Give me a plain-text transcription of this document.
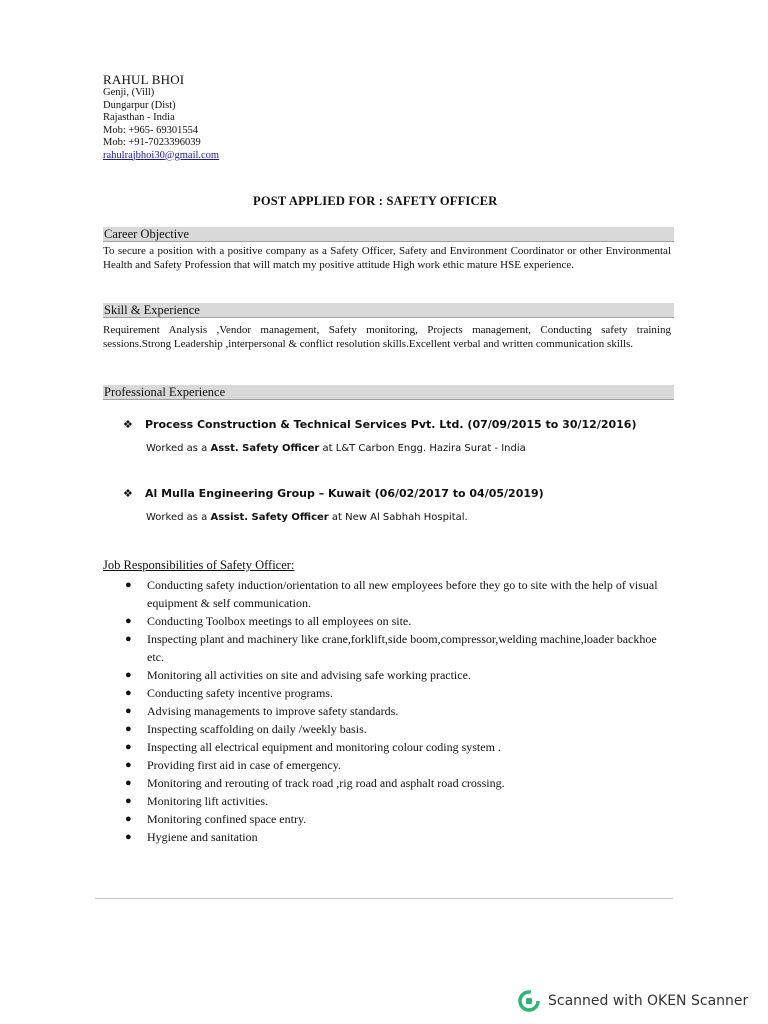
RAHUL BHOI
Genji, (Vill)
Dungarpur (Dist)
Rajasthan - India
Mob: +965- 69301554
Mob: +91-7023396039
rahulrajbhoi30@gmail.com
POST APPLIED FOR : SAFETY OFFICER
Career Objective
To secure a position with a positive company as a Safety Officer, Safety and Environment Coordinator or other Environmental Health and Safety Profession that will match my positive attitude High work ethic mature HSE experience.
Skill & Experience
Requirement Analysis ,Vendor management, Safety monitoring, Projects management, Conducting safety training sessions.Strong Leadership ,interpersonal & conflict resolution skills.Excellent verbal and written communication skills.
Professional Experience
❖ Process Construction & Technical Services Pvt. Ltd. (07/09/2015 to 30/12/2016)
Worked as a Asst. Safety Officer at L&T Carbon Engg. Hazira Surat - India
❖ Al Mulla Engineering Group – Kuwait (06/02/2017 to 04/05/2019)
Worked as a Assist. Safety Officer at New Al Sabhah Hospital.
Job Responsibilities of Safety Officer:
● Conducting safety induction/orientation to all new employees before they go to site with the help of visual equipment & self communication.
● Conducting Toolbox meetings to all employees on site.
● Inspecting plant and machinery like crane,forklift,side boom,compressor,welding machine,loader backhoe etc.
● Monitoring all activities on site and advising safe working practice.
● Conducting safety incentive programs.
● Advising managements to improve safety standards.
● Inspecting scaffolding on daily /weekly basis.
● Inspecting all electrical equipment and monitoring colour coding system .
● Providing first aid in case of emergency.
● Monitoring and rerouting of track road ,rig road and asphalt road crossing.
● Monitoring lift activities.
● Monitoring confined space entry.
● Hygiene and sanitation
Scanned with OKEN Scanner
